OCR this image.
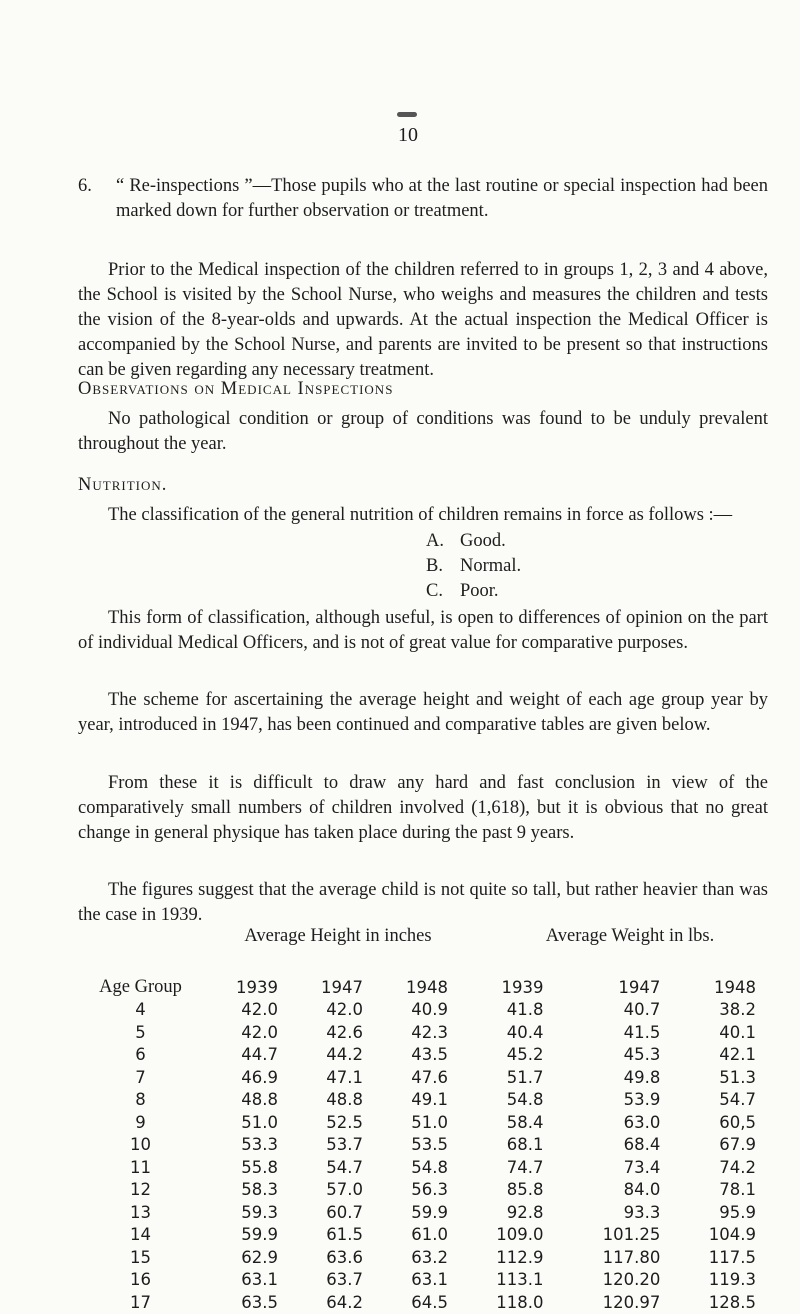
10
6. “ Re-inspections ”—Those pupils who at the last routine or special inspection had been marked down for further observation or treatment.

Prior to the Medical inspection of the children referred to in groups 1, 2, 3 and 4 above, the School is visited by the School Nurse, who weighs and measures the children and tests the vision of the 8-year-olds and upwards. At the actual inspection the Medical Officer is accompanied by the School Nurse, and parents are invited to be present so that instructions can be given regarding any necessary treatment.

Observations on Medical Inspections

No pathological condition or group of conditions was found to be unduly prevalent throughout the year.

Nutrition.

The classification of the general nutrition of children remains in force as follows :—

A. Good.
B. Normal.
C. Poor.

This form of classification, although useful, is open to differences of opinion on the part of individual Medical Officers, and is not of great value for comparative purposes.

The scheme for ascertaining the average height and weight of each age group year by year, introduced in 1947, has been continued and comparative tables are given below.

From these it is difficult to draw any hard and fast conclusion in view of the comparatively small numbers of children involved (1,618), but it is obvious that no great change in general physique has taken place during the past 9 years.

The figures suggest that the average child is not quite so tall, but rather heavier than was the case in 1939.

Average Height in inches	Average Weight in lbs.
Age Group	1939	1947	1948	1939	1947	1948
4	42.0	42.0	40.9	41.8	40.7	38.2
5	42.0	42.6	42.3	40.4	41.5	40.1
6	44.7	44.2	43.5	45.2	45.3	42.1
7	46.9	47.1	47.6	51.7	49.8	51.3
8	48.8	48.8	49.1	54.8	53.9	54.7
9	51.0	52.5	51.0	58.4	63.0	60,5
10	53.3	53.7	53.5	68.1	68.4	67.9
11	55.8	54.7	54.8	74.7	73.4	74.2
12	58.3	57.0	56.3	85.8	84.0	78.1
13	59.3	60.7	59.9	92.8	93.3	95.9
14	59.9	61.5	61.0	109.0	101.25	104.9
15	62.9	63.6	63.2	112.9	117.80	117.5
16	63.1	63.7	63.1	113.1	120.20	119.3
17	63.5	64.2	64.5	118.0	120.97	128.5
